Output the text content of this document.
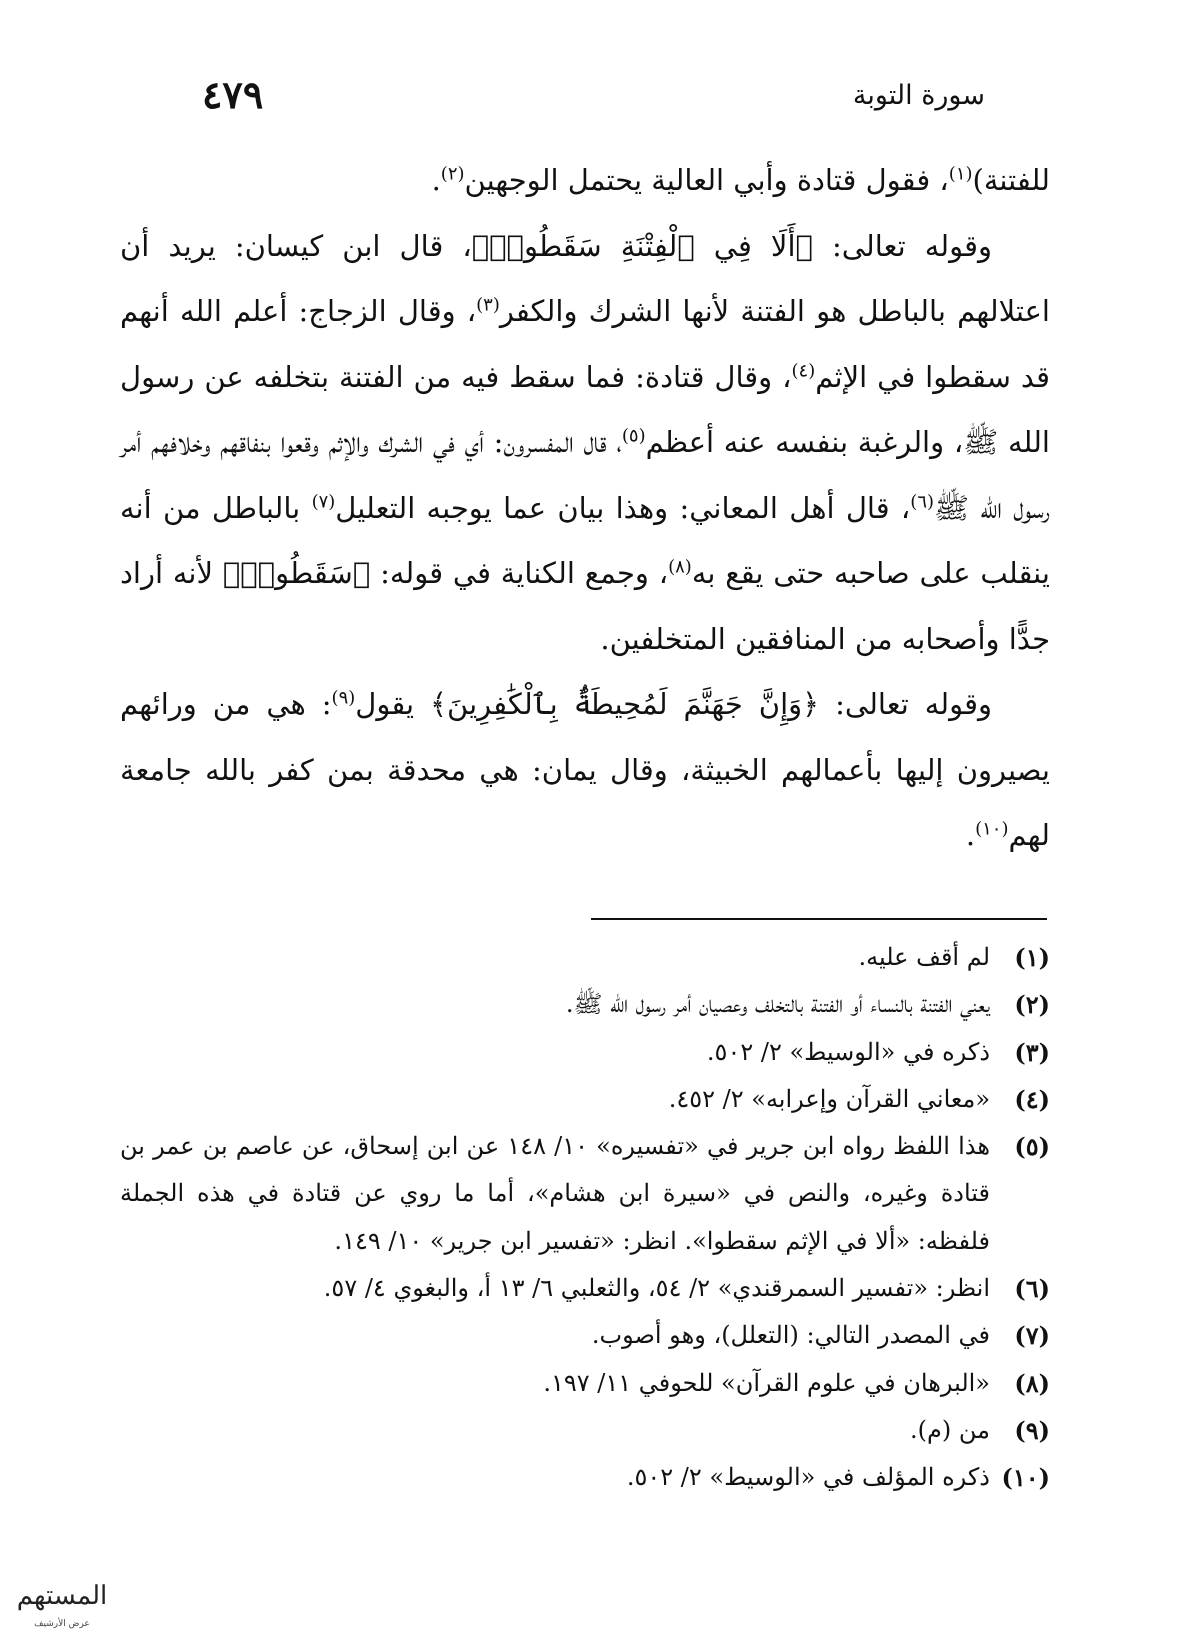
سورة التوبة
٤٧٩

للفتنة)$^{(١)}$، فقول قتادة وأبي العالية يحتمل الوجهين$^{(٢)}$.

وقوله تعالى: ﴿أَلَا فِي ٱلْفِتْنَةِ سَقَطُوا۟﴾، قال ابن كيسان: يريد أن اعتلالهم بالباطل هو الفتنة لأنها الشرك والكفر$^{(٣)}$، وقال الزجاج: أعلم الله أنهم قد سقطوا في الإثم$^{(٤)}$، وقال قتادة: فما سقط فيه من الفتنة بتخلفه عن رسول الله ﷺ، والرغبة بنفسه عنه أعظم$^{(٥)}$، قال المفسرون: أي في الشرك والإثم وقعوا بنفاقهم وخلافهم أمر رسول الله ﷺ$^{(٦)}$، قال أهل المعاني: وهذا بيان عما يوجبه التعليل$^{(٧)}$ بالباطل من أنه ينقلب على صاحبه حتى يقع به$^{(٨)}$، وجمع الكناية في قوله: ﴿سَقَطُوا۟﴾ لأنه أراد جدًّا وأصحابه من المنافقين المتخلفين.

وقوله تعالى: ﴿وَإِنَّ جَهَنَّمَ لَمُحِيطَةٌۢ بِٱلْكَٰفِرِينَ﴾ يقول$^{(٩)}$: هي من ورائهم يصيرون إليها بأعمالهم الخبيثة، وقال يمان: هي محدقة بمن كفر بالله جامعة لهم$^{(١٠)}$.

(١)
لم أقف عليه.
(٢)
يعني الفتنة بالنساء أو الفتنة بالتخلف وعصيان أمر رسول الله ﷺ.
(٣)
ذكره في «الوسيط» ٢/ ٥٠٢.
(٤)
«معاني القرآن وإعرابه» ٢/ ٤٥٢.
(٥)
هذا اللفظ رواه ابن جرير في «تفسيره» ١٠/ ١٤٨ عن ابن إسحاق، عن عاصم بن عمر بن قتادة وغيره، والنص في «سيرة ابن هشام»، أما ما روي عن قتادة في هذه الجملة فلفظه: «ألا في الإثم سقطوا». انظر: «تفسير ابن جرير» ١٠/ ١٤٩.
(٦)
انظر: «تفسير السمرقندي» ٢/ ٥٤، والثعلبي ٦/ ١٣ أ، والبغوي ٤/ ٥٧.
(٧)
في المصدر التالي: (التعلل)، وهو أصوب.
(٨)
«البرهان في علوم القرآن» للحوفي ١١/ ١٩٧.
(٩)
من (م).
(١٠)
ذكره المؤلف في «الوسيط» ٢/ ٥٠٢.
المستهم
عرض الأرشيف
